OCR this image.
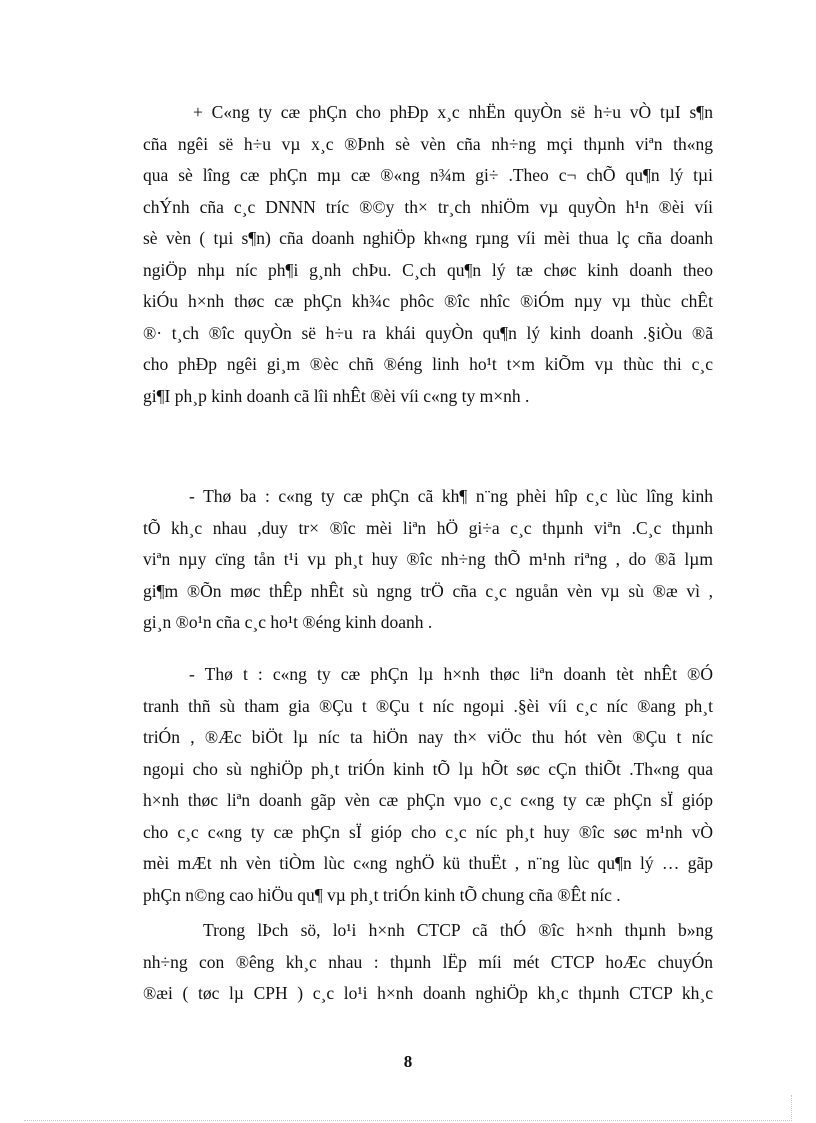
+ C«ng ty cæ phÇn cho phÐp x¸c nhËn quyÒn së h÷u vÒ tµI s¶n
cña ngêi së h÷u vµ x¸c ®Þnh sè vèn cña nh÷ng mçi thµnh viªn th«ng
qua sè lîng cæ phÇn mµ cæ ®«ng n¾m gi÷ .Theo c¬ chÕ qu¶n lý tµi
chÝnh cña c¸c DNNN tríc ®©y th× tr¸ch nhiÖm vµ quyÒn h¹n ®èi víi
sè vèn ( tµi s¶n) cña doanh nghiÖp kh«ng rµng víi mèi thua lç cña doanh
ngiÖp nhµ níc ph¶i g¸nh chÞu. C¸ch qu¶n lý tæ chøc kinh doanh theo
kiÓu h×nh thøc cæ phÇn kh¾c phôc ®îc nhîc ®iÓm nµy vµ thùc chÊt
®· t¸ch ®îc quyÒn së h÷u ra khái quyÒn qu¶n lý kinh doanh .§iÒu ®ã
cho phÐp ngêi gi¸m ®èc chñ ®éng linh ho¹t t×m kiÕm vµ thùc thi c¸c
gi¶I ph¸p kinh doanh cã lîi nhÊt ®èi víi c«ng ty m×nh .
- Thø ba : c«ng ty cæ phÇn cã kh¶ n¨ng phèi hîp c¸c lùc lîng kinh
tÕ kh¸c nhau ,duy tr× ®îc mèi liªn hÖ gi÷a c¸c thµnh viªn .C¸c thµnh
viªn nµy cïng tån t¹i vµ ph¸t huy ®îc nh÷ng thÕ m¹nh riªng , do ®ã lµm
gi¶m ®Õn møc thÊp nhÊt sù ngng trÖ cña c¸c nguån vèn vµ sù ®æ vì ,
gi¸n ®o¹n cña c¸c ho¹t ®éng kinh doanh .
- Thø t : c«ng ty cæ phÇn lµ h×nh thøc liªn doanh tèt nhÊt ®Ó
tranh thñ sù tham gia ®Çu t ®Çu t níc ngoµi .§èi víi c¸c níc ®ang ph¸t
triÓn , ®Æc biÖt lµ níc ta hiÖn nay th× viÖc thu hót vèn ®Çu t níc
ngoµi cho sù nghiÖp ph¸t triÓn kinh tÕ lµ hÕt søc cÇn thiÕt .Th«ng qua
h×nh thøc liªn doanh gãp vèn cæ phÇn vµo c¸c c«ng ty cæ phÇn sÏ gióp
cho c¸c c«ng ty cæ phÇn sÏ gióp cho c¸c níc ph¸t huy ®îc søc m¹nh vÒ
mèi mÆt nh vèn tiÒm lùc c«ng nghÖ kü thuËt , n¨ng lùc qu¶n lý … gãp
phÇn n©ng cao hiÖu qu¶ vµ ph¸t triÓn kinh tÕ chung cña ®Êt níc .
Trong lÞch sö, lo¹i h×nh CTCP cã thÓ ®îc h×nh thµnh b»ng
nh÷ng con ®êng kh¸c nhau : thµnh lËp míi mét CTCP hoÆc chuyÓn
®æi ( tøc lµ CPH ) c¸c lo¹i h×nh doanh nghiÖp kh¸c thµnh CTCP kh¸c
8
